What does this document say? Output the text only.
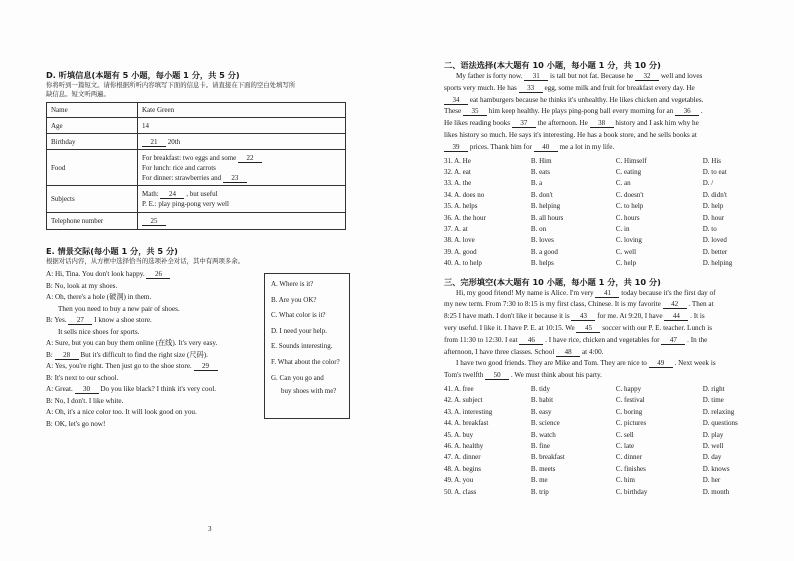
D. 听填信息(本题有 5 小题，每小题 1 分，共 5 分)
你将听到一篇短文。请你根据所听内容填写下面的信息卡。请直接在下面的空白处填写所
缺信息。短文听两遍。
Name	Kate Green

Age	14

Birthday	21 20th

Food	For breakfast: two eggs and some 22
For lunch: rice and carrots
For dinner: strawberries and 23

Subjects	Math: 24 , but useful
P. E.: play ping-pong very well

Telephone number	25
E. 情景交际(每小题 1 分，共 5 分)
根据对话内容，从方框中选择恰当的选项补全对话，其中有两项多余。
A: Hi, Tina. You don't look happy. 26
B: No, look at my shoes.
A: Oh, there's a hole (破洞) in them.
Then you need to buy a new pair of shoes.
B: Yes. 27 I know a shoe store.
It sells nice shoes for sports.
A: Sure, but you can buy them online (在线). It's very easy.
B: 28 But it's difficult to find the right size (尺码).
A: Yes, you're right. Then just go to the shoe store. 29
B: It's next to our school.
A: Great. 30 Do you like black? I think it's very cool.
B: No, I don't. I like white.
A: Oh, it's a nice color too. It will look good on you.
B: OK, let's go now!
A. Where is it?
B. Are you OK?
C. What color is it?
D. I need your help.
E. Sounds interesting.
F. What about the color?
G. Can you go and
buy shoes with me?
3
二、语法选择(本大题有 10 小题，每小题 1 分，共 10 分)
My father is forty now. 31 is tall but not fat. Because he 32 well and loves
sports very much. He has 33 egg, some milk and fruit for breakfast every day. He
34 eat hamburgers because he thinks it's unhealthy. He likes chicken and vegetables.
These 35 him keep healthy. He plays ping-pong ball every morning for an 36 .
He likes reading books 37 the afternoon. He 38 history and I ask him why he
likes history so much. He says it's interesting. He has a book store, and he sells books at
39 prices. Thank him for 40 me a lot in my life.
31. A. He	B. Him	C. Himself	D. His
32. A. eat	B. eats	C. eating	D. to eat
33. A. the	B. a	C. an	D. /
34. A. does no	B. don't	C. doesn't	D. didn't
35. A. helps	B. helping	C. to help	D. help
36. A. the hour	B. all hours	C. hours	D. hour
37. A. at	B. on	C. in	D. to
38. A. love	B. loves	C. loving	D. loved
39. A. good	B. a good	C. well	D. better
40. A. to help	B. helps	C. help	D. helping
三、完形填空(本大题有 10 小题，每小题 1 分，共 10 分)
Hi, my good friend! My name is Alice. I'm very 41 today because it's the first day of
my new term. From 7:30 to 8:15 is my first class, Chinese. It is my favorite 42 . Then at
8:25 I have math. I don't like it because it is 43 for me. At 9:20, I have 44 . It is
very useful. I like it. I have P. E. at 10:15. We 45 soccer with our P. E. teacher. Lunch is
from 11:30 to 12:30. I eat 46 . I have rice, chicken and vegetables for 47 . In the
afternoon, I have three classes. School 48 at 4:00.
I have two good friends. They are Mike and Tom. They are nice to 49 . Next week is
Tom's twelfth 50 . We must think about his party.
41. A. free	B. tidy	C. happy	D. right
42. A. subject	B. habit	C. festival	D. time
43. A. interesting	B. easy	C. boring	D. relaxing
44. A. breakfast	B. science	C. pictures	D. questions
45. A. buy	B. watch	C. sell	D. play
46. A. healthy	B. fine	C. late	D. well
47. A. dinner	B. breakfast	C. dinner	D. day
48. A. begins	B. meets	C. finishes	D. knows
49. A. you	B. me	C. him	D. her
50. A. class	B. trip	C. birthday	D. month
